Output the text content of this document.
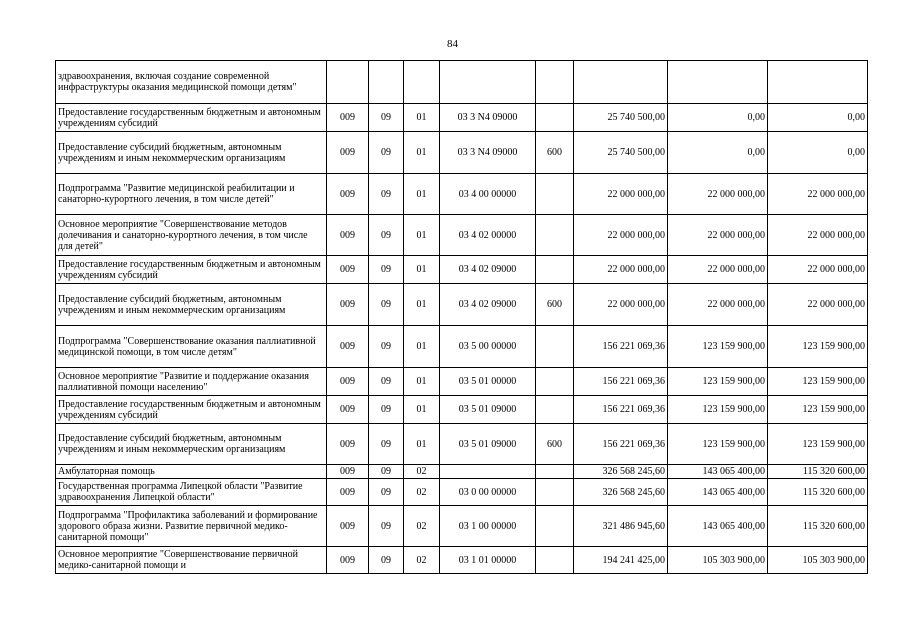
84
здравоохранения, включая создание современной инфраструктуры оказания медицинской помощи детям"								
Предоставление государственным бюджетным и автономным учреждениям субсидий	009	09	01	03 3 N4 09000		25 740 500,00	0,00	0,00
Предоставление субсидий бюджетным, автономным учреждениям и иным некоммерческим организациям	009	09	01	03 3 N4 09000	600	25 740 500,00	0,00	0,00
Подпрограмма "Развитие медицинской реабилитации и санаторно-курортного лечения, в том числе детей"	009	09	01	03 4 00 00000		22 000 000,00	22 000 000,00	22 000 000,00
Основное мероприятие "Совершенствование методов долечивания и санаторно-курортного лечения, в том числе для детей"	009	09	01	03 4 02 00000		22 000 000,00	22 000 000,00	22 000 000,00
Предоставление государственным бюджетным и автономным учреждениям субсидий	009	09	01	03 4 02 09000		22 000 000,00	22 000 000,00	22 000 000,00
Предоставление субсидий бюджетным, автономным учреждениям и иным некоммерческим организациям	009	09	01	03 4 02 09000	600	22 000 000,00	22 000 000,00	22 000 000,00
Подпрограмма "Совершенствование оказания паллиативной медицинской помощи, в том числе детям"	009	09	01	03 5 00 00000		156 221 069,36	123 159 900,00	123 159 900,00
Основное мероприятие "Развитие и поддержание оказания паллиативной помощи населению"	009	09	01	03 5 01 00000		156 221 069,36	123 159 900,00	123 159 900,00
Предоставление государственным бюджетным и автономным учреждениям субсидий	009	09	01	03 5 01 09000		156 221 069,36	123 159 900,00	123 159 900,00
Предоставление субсидий бюджетным, автономным учреждениям и иным некоммерческим организациям	009	09	01	03 5 01 09000	600	156 221 069,36	123 159 900,00	123 159 900,00
Амбулаторная помощь	009	09	02			326 568 245,60	143 065 400,00	115 320 600,00
Государственная программа Липецкой области "Развитие здравоохранения Липецкой области"	009	09	02	03 0 00 00000		326 568 245,60	143 065 400,00	115 320 600,00
Подпрограмма "Профилактика заболеваний и формирование здорового образа жизни. Развитие первичной медико-санитарной помощи"	009	09	02	03 1 00 00000		321 486 945,60	143 065 400,00	115 320 600,00
Основное мероприятие "Совершенствование первичной медико-санитарной помощи и	009	09	02	03 1 01 00000		194 241 425,00	105 303 900,00	105 303 900,00
